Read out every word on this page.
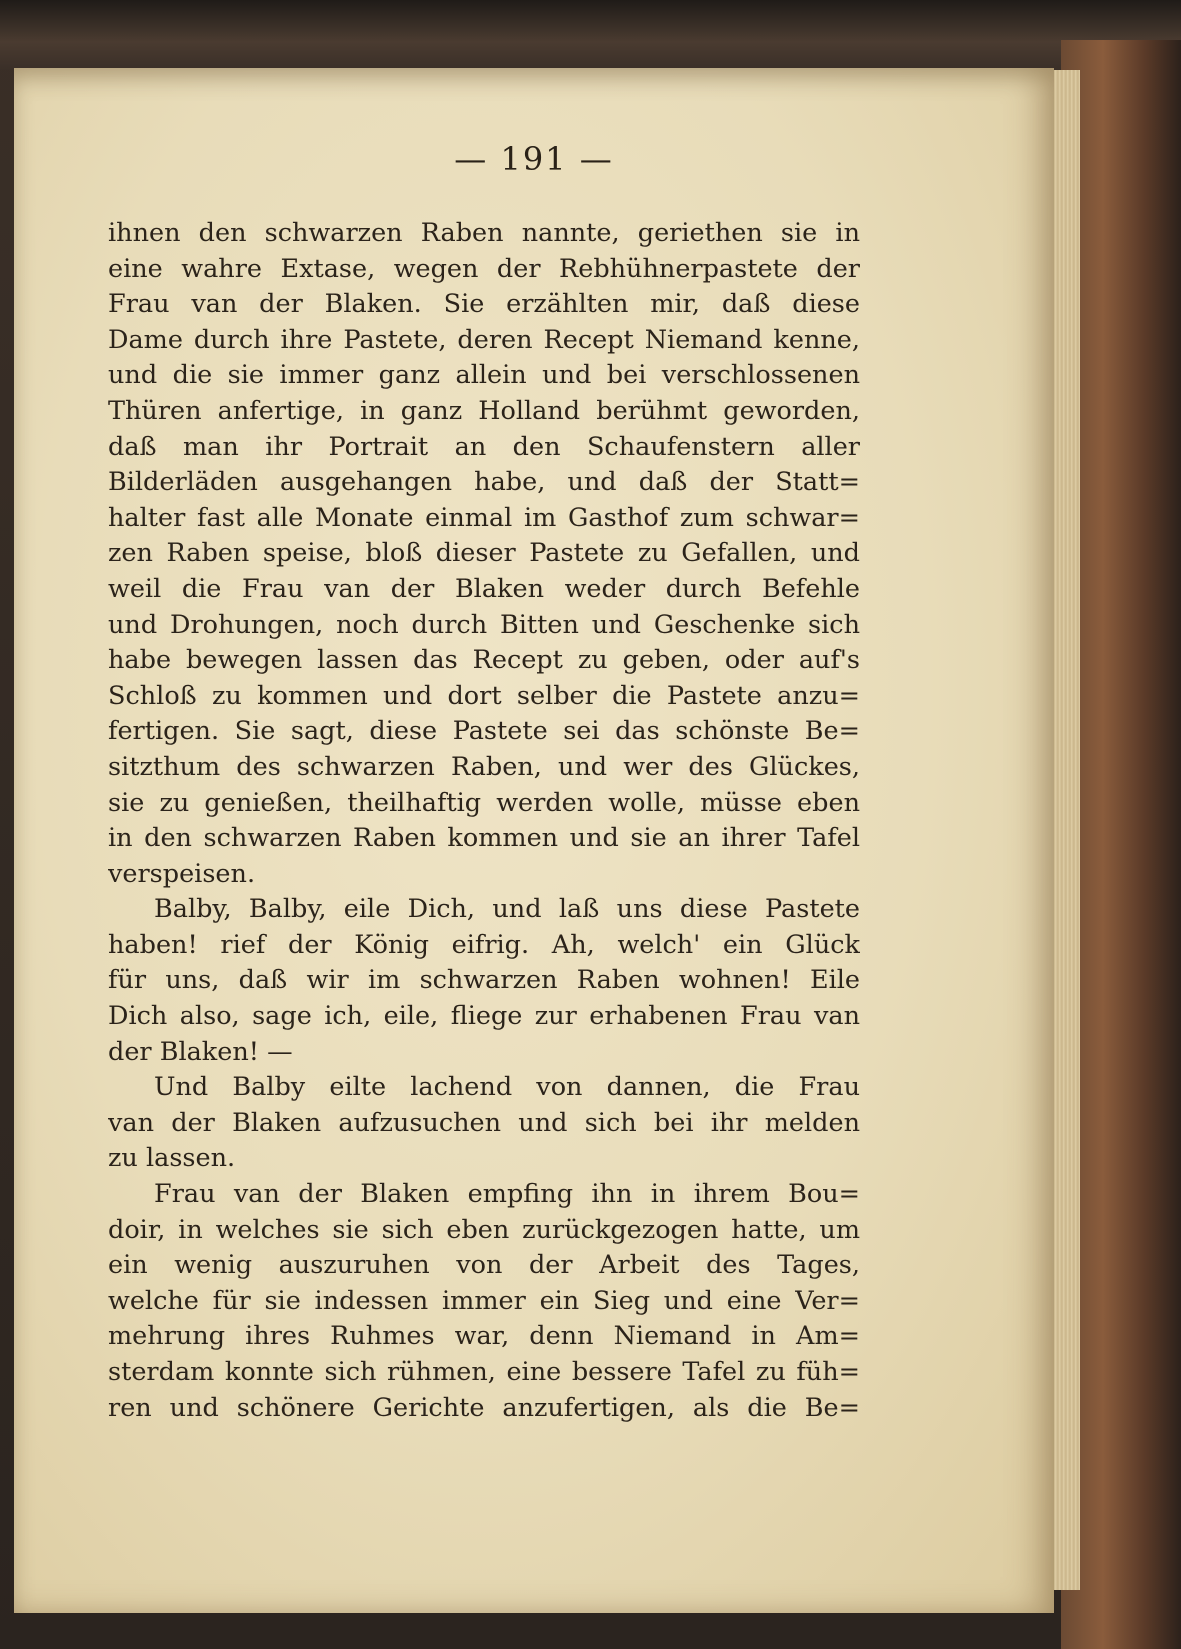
— 191 —
ihnen den schwarzen Raben nannte, geriethen sie in
eine wahre Extase, wegen der Rebhühnerpastete der
Frau van der Blaken. Sie erzählten mir, daß diese
Dame durch ihre Pastete, deren Recept Niemand kenne,
und die sie immer ganz allein und bei verschlossenen
Thüren anfertige, in ganz Holland berühmt geworden,
daß man ihr Portrait an den Schaufenstern aller
Bilderläden ausgehangen habe, und daß der Statt=
halter fast alle Monate einmal im Gasthof zum schwar=
zen Raben speise, bloß dieser Pastete zu Gefallen, und
weil die Frau van der Blaken weder durch Befehle
und Drohungen, noch durch Bitten und Geschenke sich
habe bewegen lassen das Recept zu geben, oder auf's
Schloß zu kommen und dort selber die Pastete anzu=
fertigen. Sie sagt, diese Pastete sei das schönste Be=
sitzthum des schwarzen Raben, und wer des Glückes,
sie zu genießen, theilhaftig werden wolle, müsse eben
in den schwarzen Raben kommen und sie an ihrer Tafel
verspeisen.
Balby, Balby, eile Dich, und laß uns diese Pastete
haben! rief der König eifrig. Ah, welch' ein Glück
für uns, daß wir im schwarzen Raben wohnen! Eile
Dich also, sage ich, eile, fliege zur erhabenen Frau van
der Blaken! —
Und Balby eilte lachend von dannen, die Frau
van der Blaken aufzusuchen und sich bei ihr melden
zu lassen.
Frau van der Blaken empfing ihn in ihrem Bou=
doir, in welches sie sich eben zurückgezogen hatte, um
ein wenig auszuruhen von der Arbeit des Tages,
welche für sie indessen immer ein Sieg und eine Ver=
mehrung ihres Ruhmes war, denn Niemand in Am=
sterdam konnte sich rühmen, eine bessere Tafel zu füh=
ren und schönere Gerichte anzufertigen, als die Be=
